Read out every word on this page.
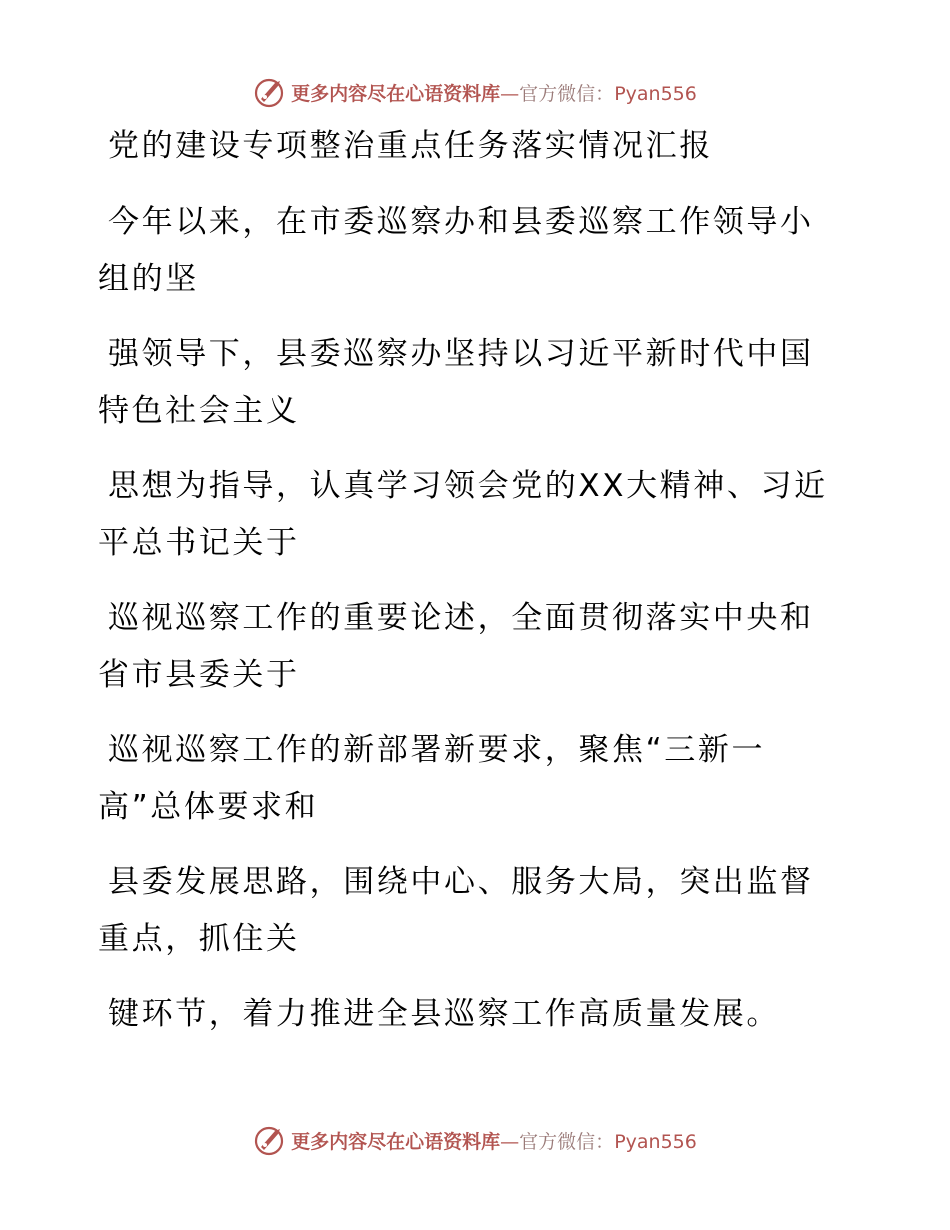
更多内容尽在心语资料库—官方微信：Pyan556
党的建设专项整治重点任务落实情况汇报
今年以来，在市委巡察办和县委巡察工作领导小
组的坚
强领导下，县委巡察办坚持以习近平新时代中国
特色社会主义
思想为指导，认真学习领会党的XX大精神、习近
平总书记关于
巡视巡察工作的重要论述，全面贯彻落实中央和
省市县委关于
巡视巡察工作的新部署新要求，聚焦“三新一
高”总体要求和
县委发展思路，围绕中心、服务大局，突出监督
重点，抓住关
键环节，着力推进全县巡察工作高质量发展。
更多内容尽在心语资料库—官方微信：Pyan556
